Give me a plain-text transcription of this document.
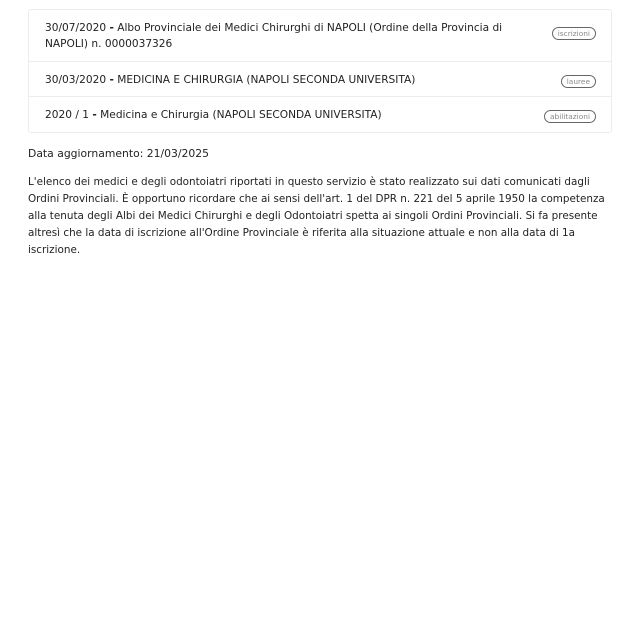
30/07/2020 - Albo Provinciale dei Medici Chirurghi di NAPOLI (Ordine della Provincia di NAPOLI) n. 0000037326
iscrizioni
30/03/2020 - MEDICINA E CHIRURGIA (NAPOLI SECONDA UNIVERSITA)	lauree
2020 / 1 - Medicina e Chirurgia (NAPOLI SECONDA UNIVERSITA)	abilitazioni
Data aggiornamento: 21/03/2025

L'elenco dei medici e degli odontoiatri riportati in questo servizio è stato realizzato sui dati comunicati dagli Ordini Provinciali. È opportuno ricordare che ai sensi dell'art. 1 del DPR n. 221 del 5 aprile 1950 la competenza alla tenuta degli Albi dei Medici Chirurghi e degli Odontoiatri spetta ai singoli Ordini Provinciali. Si fa presente altresì che la data di iscrizione all'Ordine Provinciale è riferita alla situazione attuale e non alla data di 1a iscrizione.
